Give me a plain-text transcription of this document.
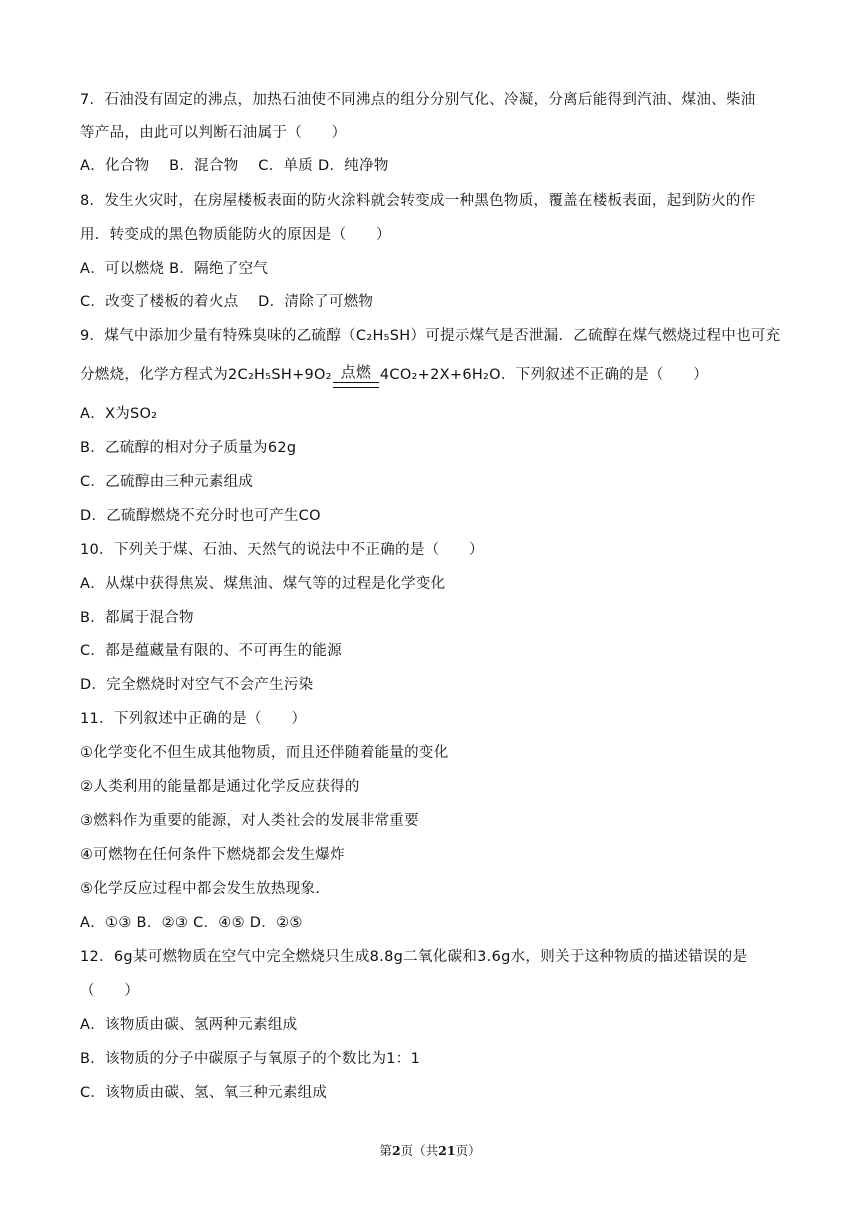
7．石油没有固定的沸点，加热石油使不同沸点的组分分别气化、冷凝，分离后能得到汽油、煤油、柴油
等产品，由此可以判断石油属于（　　）
A．化合物　 B．混合物　 C．单质 D．纯净物
8．发生火灾时，在房屋楼板表面的防火涂料就会转变成一种黑色物质，覆盖在楼板表面，起到防火的作
用．转变成的黑色物质能防火的原因是（　　）
A．可以燃烧 B．隔绝了空气
C．改变了楼板的着火点　 D．清除了可燃物
9．煤气中添加少量有特殊臭味的乙硫醇（C₂H₅SH）可提示煤气是否泄漏．乙硫醇在煤气燃烧过程中也可充
分燃烧，化学方程式为2C₂H₅SH+9O₂ 点燃 4CO₂+2X+6H₂O．下列叙述不正确的是（　　）
A．X为SO₂
B．乙硫醇的相对分子质量为62g
C．乙硫醇由三种元素组成
D．乙硫醇燃烧不充分时也可产生CO
10．下列关于煤、石油、天然气的说法中不正确的是（　　）
A．从煤中获得焦炭、煤焦油、煤气等的过程是化学变化
B．都属于混合物
C．都是蕴藏量有限的、不可再生的能源
D．完全燃烧时对空气不会产生污染
11．下列叙述中正确的是（　　）
①化学变化不但生成其他物质，而且还伴随着能量的变化
②人类利用的能量都是通过化学反应获得的
③燃料作为重要的能源，对人类社会的发展非常重要
④可燃物在任何条件下燃烧都会发生爆炸
⑤化学反应过程中都会发生放热现象.
A．①③ B．②③ C．④⑤ D．②⑤
12．6g某可燃物质在空气中完全燃烧只生成8.8g二氧化碳和3.6g水，则关于这种物质的描述错误的是
（　　）
A．该物质由碳、氢两种元素组成
B．该物质的分子中碳原子与氧原子的个数比为1：1
C．该物质由碳、氢、氧三种元素组成
第2页（共21页）
